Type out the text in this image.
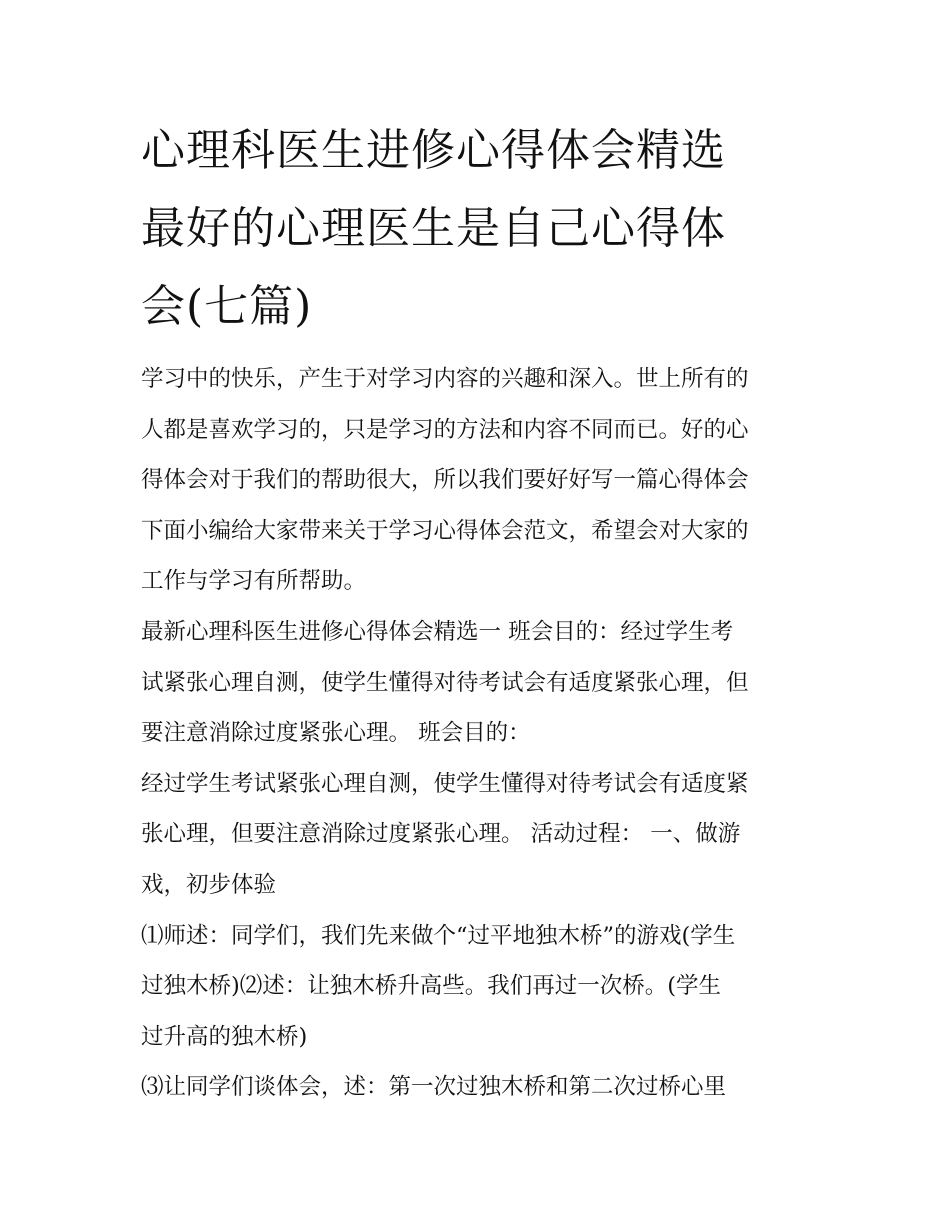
心理科医生进修心得体会精选
最好的心理医生是自己心得体
会(七篇)

学习中的快乐，产生于对学习内容的兴趣和深入。世上所有的
人都是喜欢学习的，只是学习的方法和内容不同而已。好的心
得体会对于我们的帮助很大，所以我们要好好写一篇心得体会
下面小编给大家带来关于学习心得体会范文，希望会对大家的
工作与学习有所帮助。

最新心理科医生进修心得体会精选一 班会目的：经过学生考
试紧张心理自测，使学生懂得对待考试会有适度紧张心理，但
要注意消除过度紧张心理。 班会目的：

经过学生考试紧张心理自测，使学生懂得对待考试会有适度紧
张心理，但要注意消除过度紧张心理。 活动过程： 一、做游
戏，初步体验

⑴师述：同学们，我们先来做个“过平地独木桥”的游戏(学生
过独木桥)⑵述：让独木桥升高些。我们再过一次桥。(学生
过升高的独木桥)

⑶让同学们谈体会，述：第一次过独木桥和第二次过桥心里
